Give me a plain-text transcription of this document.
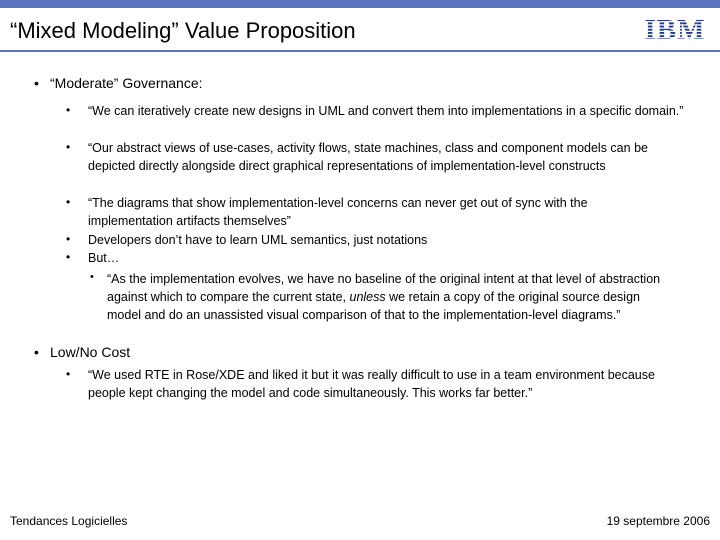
“Mixed Modeling” Value Proposition	IBM
• “Moderate” Governance:
• “We can iteratively create new designs in UML and convert them into implementations in a specific domain.”
• “Our abstract views of use-cases, activity flows, state machines, class and component models can be depicted directly alongside direct graphical representations of implementation-level constructs
• “The diagrams that show implementation-level concerns can never get out of sync with the implementation artifacts themselves”
• Developers don’t have to learn UML semantics, just notations
• But…
• “As the implementation evolves, we have no baseline of the original intent at that level of abstraction against which to compare the current state, unless we retain a copy of the original source design model and do an unassisted visual comparison of that to the implementation-level diagrams.”
• Low/No Cost
• “We used RTE in Rose/XDE and liked it but it was really difficult to use in a team environment because people kept changing the model and code simultaneously. This works far better.”
Tendances Logicielles	19 septembre 2006
